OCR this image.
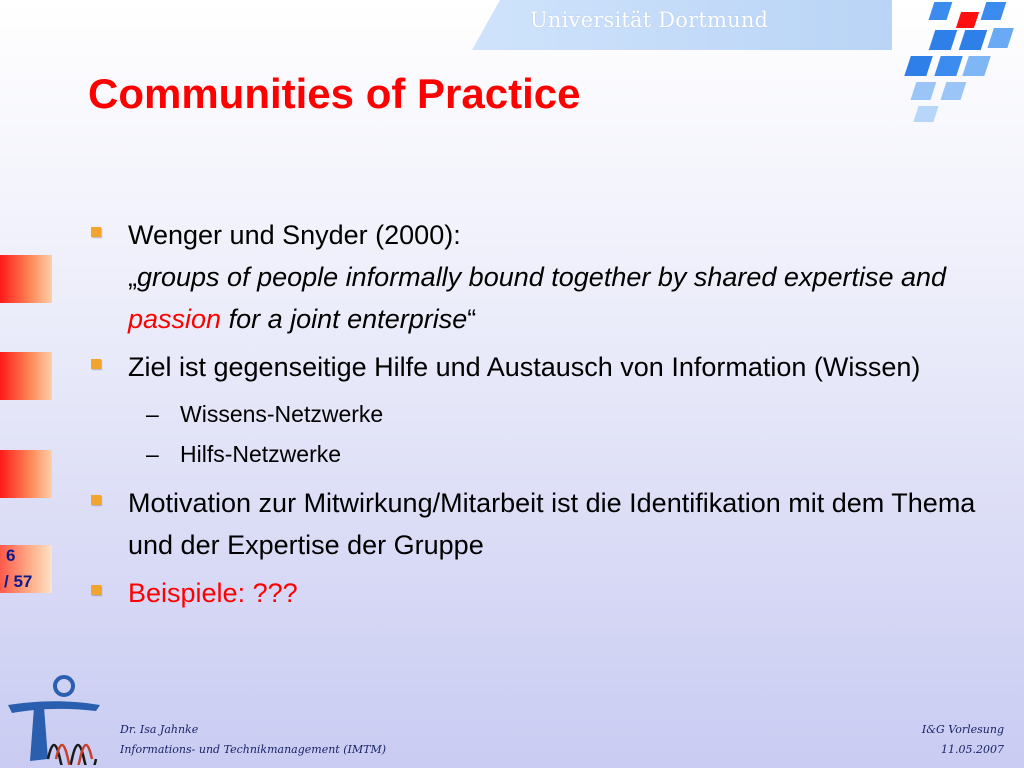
Universität Dortmund
Communities of Practice
6
/ 57
Wenger und Snyder (2000):
„groups of people informally bound together by shared expertise and passion for a joint enterprise“
Ziel ist gegenseitige Hilfe und Austausch von Information (Wissen)
– Wissens-Netzwerke
– Hilfs-Netzwerke
Motivation zur Mitwirkung/Mitarbeit ist die Identifikation mit dem Thema und der Expertise der Gruppe
Beispiele: ???
Dr. Isa Jahnke
Informations- und Technikmanagement (IMTM)
I&G Vorlesung
11.05.2007
